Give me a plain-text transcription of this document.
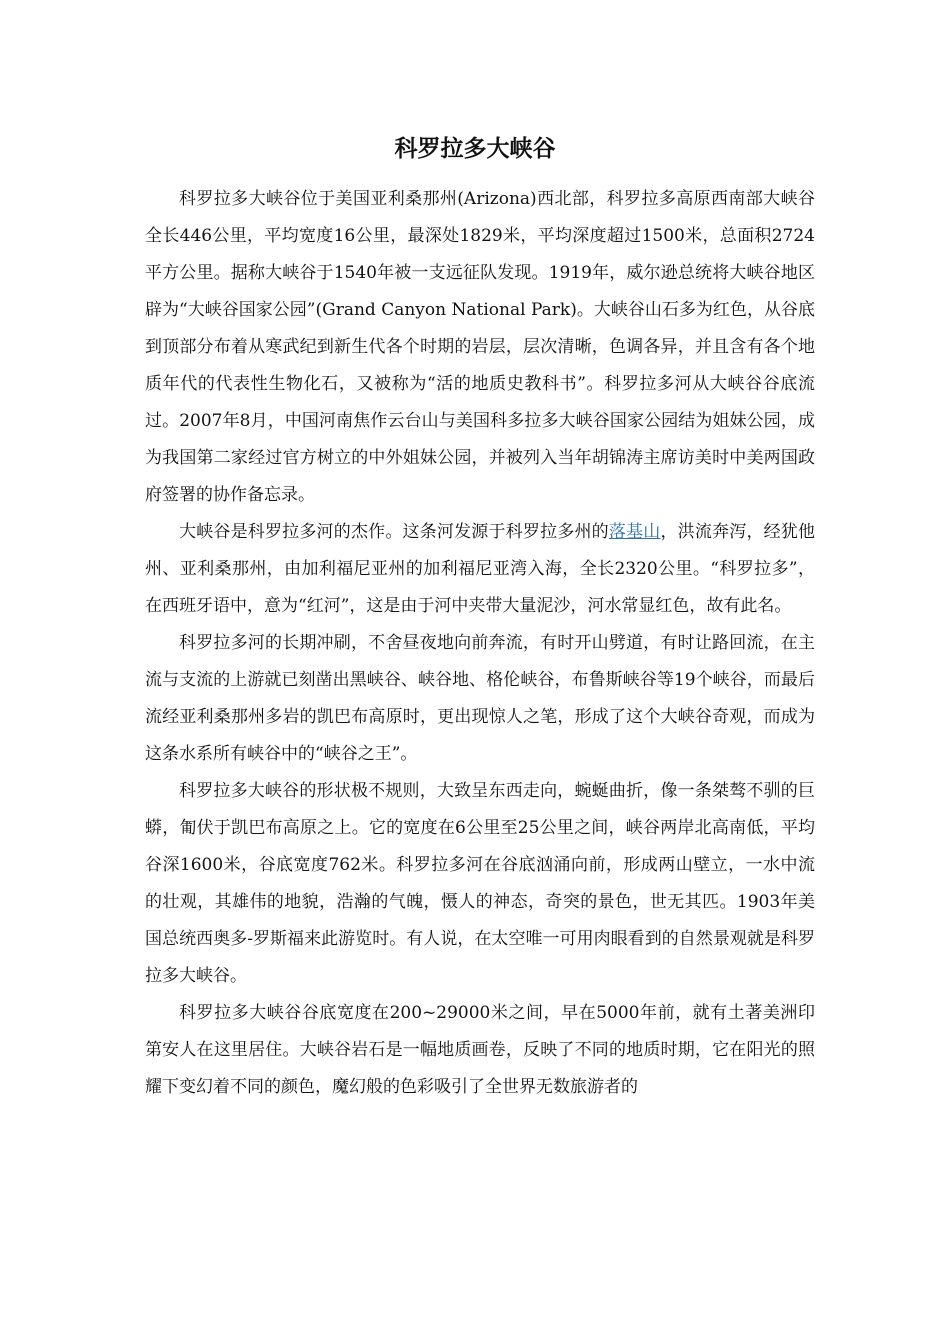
科罗拉多大峡谷

科罗拉多大峡谷位于美国亚利桑那州(Arizona)西北部，科罗拉多高原西南部大峡谷全长446公里，平均宽度16公里，最深处1829米，平均深度超过1500米，总面积2724平方公里。据称大峡谷于1540年被一支远征队发现。1919年，威尔逊总统将大峡谷地区辟为“大峡谷国家公园”(Grand Canyon National Park)。大峡谷山石多为红色，从谷底到顶部分布着从寒武纪到新生代各个时期的岩层，层次清晰，色调各异，并且含有各个地质年代的代表性生物化石，又被称为“活的地质史教科书”。科罗拉多河从大峡谷谷底流过。2007年8月，中国河南焦作云台山与美国科多拉多大峡谷国家公园结为姐妹公园，成为我国第二家经过官方树立的中外姐妹公园，并被列入当年胡锦涛主席访美时中美两国政府签署的协作备忘录。

大峡谷是科罗拉多河的杰作。这条河发源于科罗拉多州的落基山，洪流奔泻，经犹他州、亚利桑那州，由加利福尼亚州的加利福尼亚湾入海，全长2320公里。“科罗拉多”，在西班牙语中，意为“红河”，这是由于河中夹带大量泥沙，河水常显红色，故有此名。

科罗拉多河的长期冲刷，不舍昼夜地向前奔流，有时开山劈道，有时让路回流，在主流与支流的上游就已刻凿出黑峡谷、峡谷地、格伦峡谷，布鲁斯峡谷等19个峡谷，而最后流经亚利桑那州多岩的凯巴布高原时，更出现惊人之笔，形成了这个大峡谷奇观，而成为这条水系所有峡谷中的“峡谷之王”。

科罗拉多大峡谷的形状极不规则，大致呈东西走向，蜿蜒曲折，像一条桀骜不驯的巨蟒，匍伏于凯巴布高原之上。它的宽度在6公里至25公里之间，峡谷两岸北高南低，平均谷深1600米，谷底宽度762米。科罗拉多河在谷底汹涌向前，形成两山壁立，一水中流的壮观，其雄伟的地貌，浩瀚的气魄，慑人的神态，奇突的景色，世无其匹。1903年美国总统西奥多-罗斯福来此游览时。有人说，在太空唯一可用肉眼看到的自然景观就是科罗拉多大峡谷。

科罗拉多大峡谷谷底宽度在200~29000米之间，早在5000年前，就有土著美洲印第安人在这里居住。大峡谷岩石是一幅地质画卷，反映了不同的地质时期，它在阳光的照耀下变幻着不同的颜色，魔幻般的色彩吸引了全世界无数旅游者的
